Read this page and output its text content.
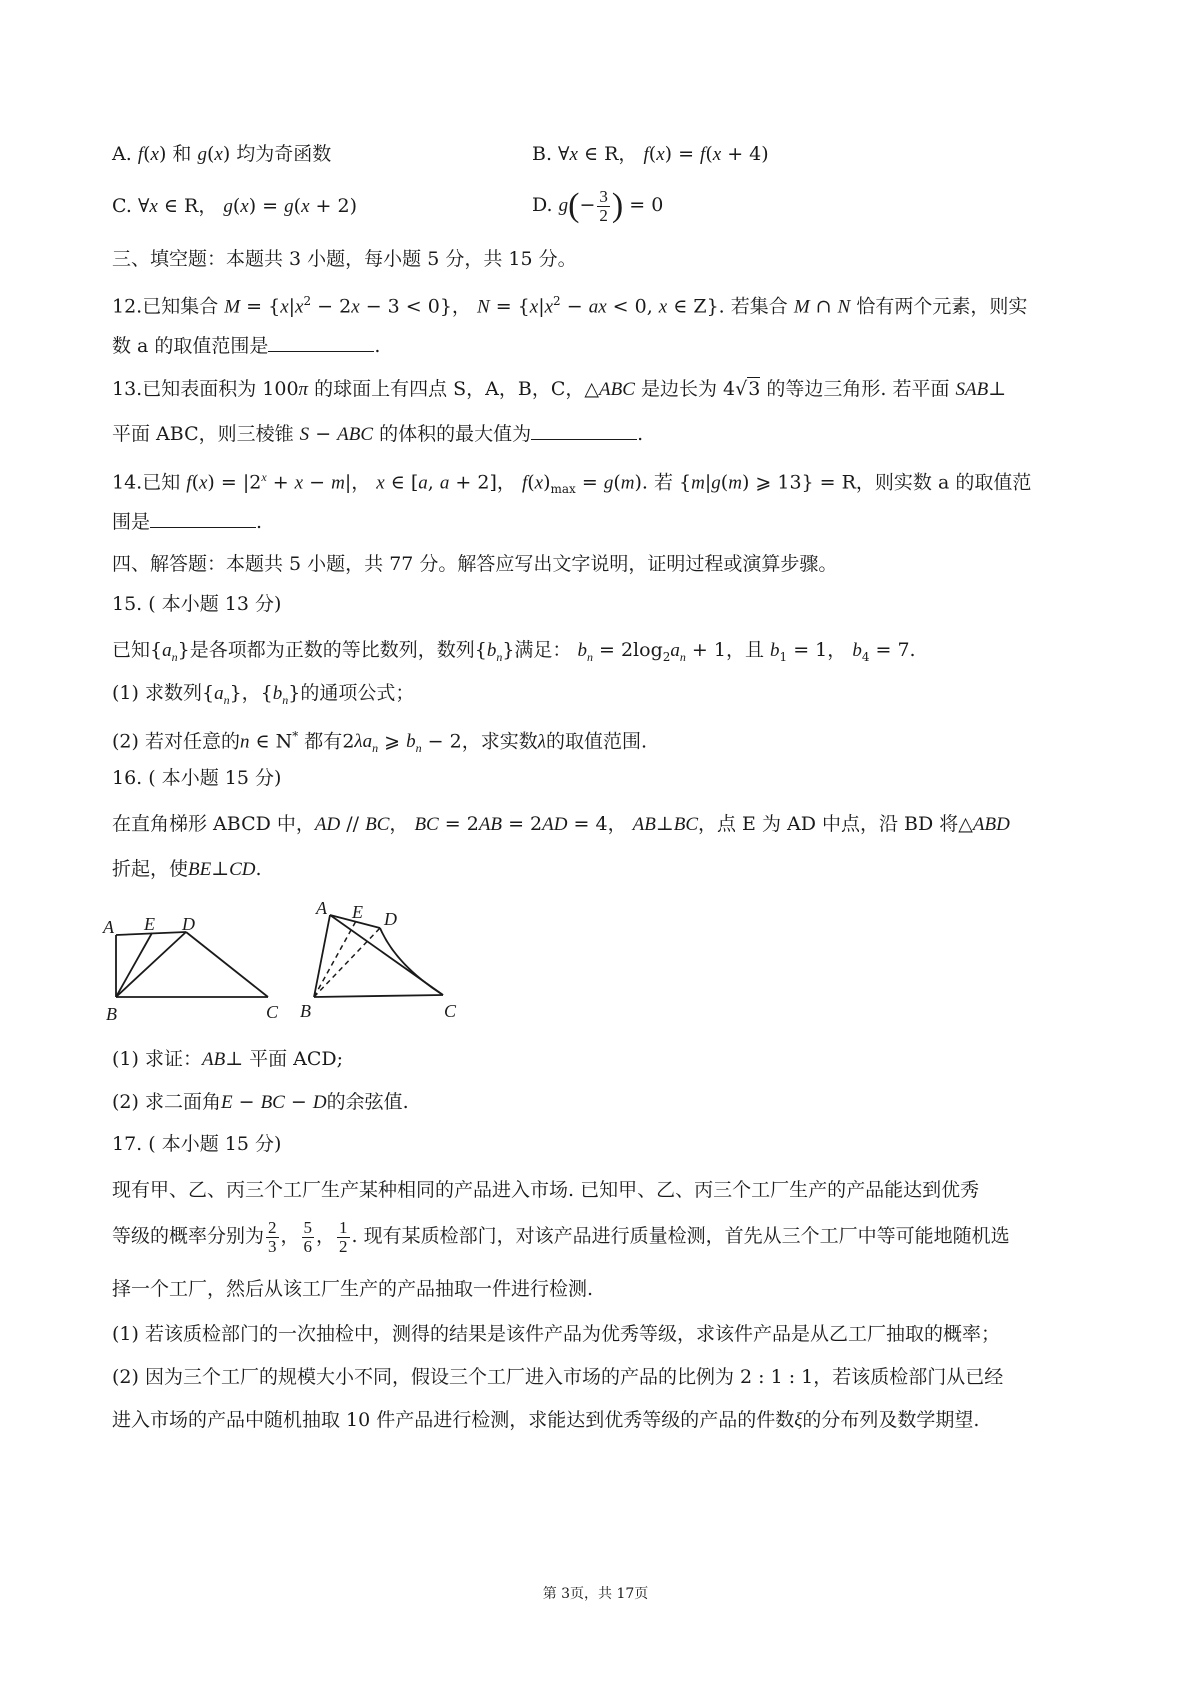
A. f(x) 和 g(x) 均为奇函数	B. ∀x ∈ R， f(x) = f(x + 4)
C. ∀x ∈ R， g(x) = g(x + 2)	D. $g(- \frac{3}{2}$ ) = 0
三、填空题：本题共 3 小题，每小题 5 分，共 15 分。
12.已知集合 $M = \{x|x^2 - 2x - 3 < 0\}$， $N = \{x|x^2$ − ax < 0, x ∈ Z}. 若集合 M ∩ N 恰有两个元素，则实
数 a 的取值范围是	.
13.已知表面积为 100π 的球面上有四点 S，A，B，C，△ABC 是边长为 4√3 的等边三角形. 若平面 SAB⊥
平面 ABC，则三棱锥 S − ABC 的体积的最大值为	.
14.已知 $f(x) = |2^x + x - m|$， x ∈ [a, a + 2]， $f(x)_{max} = g(m)$. 若 {m|g(m) ⩾ 13} = R，则实数 a 的取值范
围是	.
四、解答题：本题共 5 小题，共 77 分。解答应写出文字说明，证明过程或演算步骤。
15. ( 本小题 13 分)
已知$\{a_n\}$是各项都为正数的等比数列，数列$\{b_n\}$满足： $b_n = 2\log_2a_n + 1$，且 $b_1 = 1$， $b_4 = 7$.
(1) 求数列$\{a_n\}$，$\{b_n\}$的通项公式；
(2) 若对任意的n ∈ N* 都有$2\lambda a_n$ ⩾ $b_n - 2$，求实数λ的取值范围.
16. ( 本小题 15 分)
在直角梯形 ABCD 中，AD // BC， BC = 2AB = 2AD = 4， AB⊥BC，点 E 为 AD 中点，沿 BD 将△ABD
折起，使BE⊥CD.
A E D
B	C
A E D
B	C
(1) 求证：AB⊥ 平面 ACD;
(2) 求二面角E − BC − D的余弦值.
17. ( 本小题 15 分)
现有甲、乙、丙三个工厂生产某种相同的产品进入市场. 已知甲、乙、丙三个工厂生产的产品能达到优秀
等级的概率分别为 $\frac{2}{3}$ ， $\frac{5}{6}$ ， $\frac{1}{2}$ . 现有某质检部门，对该产品进行质量检测，首先从三个工厂中等可能地随机选
择一个工厂，然后从该工厂生产的产品抽取一件进行检测.
(1) 若该质检部门的一次抽检中，测得的结果是该件产品为优秀等级，求该件产品是从乙工厂抽取的概率；
(2) 因为三个工厂的规模大小不同，假设三个工厂进入市场的产品的比例为 2 : 1 : 1，若该质检部门从已经
进入市场的产品中随机抽取 10 件产品进行检测，求能达到优秀等级的产品的件数ξ的分布列及数学期望.
第 3页，共 17页
